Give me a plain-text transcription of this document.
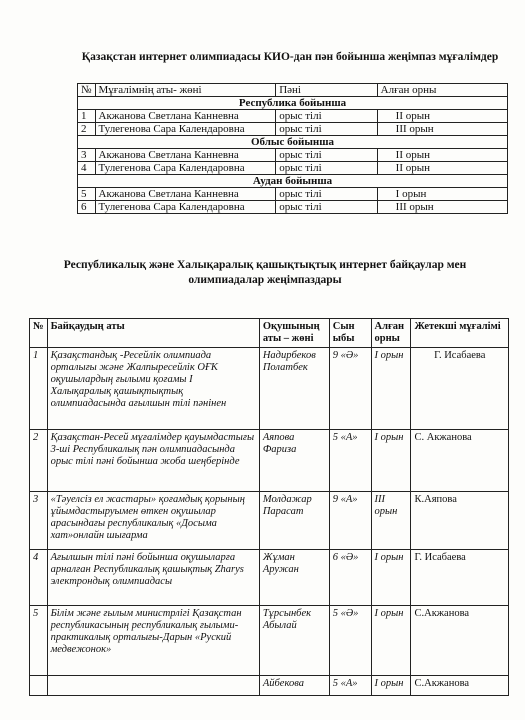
Қазақстан интернет олимпиадасы КИО-дан пән бойынша жеңімпаз мұғалімдер
№	Мұғалімнің аты- жөні	Пәні	Алған орны
Республика бойынша			
1	Акжанова Светлана Канневна	орыс тілі	II орын
2	Тулегенова Сара Календаровна	орыс тілі	III орын
Облыс бойынша			
3	Акжанова Светлана Канневна	орыс тілі	II орын
4	Тулегенова Сара Календаровна	орыс тілі	II орын
Аудан бойынша			
5	Акжанова Светлана Канневна	орыс тілі	I орын
6	Тулегенова Сара Календаровна	орыс тілі	III орын
Республикалық және Халықаралық қашықтықтық интернет байқаулар мен олимпиадалар жеңімпаздары
№	Байқаудың аты	Оқушының аты – жөні	Сын ыбы	Алған орны	Жетекші мұғалімі
1	Қазақстандық -Ресейлік олимпиада орталығы және Жалпыресейлік ОҒК оқушылардың ғылыми қоғамы I Халықаралық қашықтықтық олимпиадасында ағылшын тілі пәнінен	Надирбеков Полатбек	9 «Ә»	I орын	Г. Исабаева
2	Қазақстан-Ресей мұғалімдер қауымдастығы 3-ші Республикалық пән олимпиадасында орыс тілі пәні бойынша жоба шеңберінде	Аяпова Фариза	5 «А»	I орын	С. Акжанова
3	«Тәуелсіз ел жастары» қоғамдық қорының ұйымдастыруымен өткен оқушылар арасындағы республикалық «Досыма хат»онлайн шығарма	Молдажар Парасат	9 «А»	III орын	К.Аяпова
4	Ағылшын тілі пәні бойынша оқушыларға арналған Республикалық қашықтық Zharys электрондық олимпиадасы	Жұман Аружан	6 «Ә»	I орын	Г. Исабаева
5	Білім және ғылым министрлігі Қазақстан республикасының республикалық ғылыми-практикалық орталығы-Дарын «Руский медвежонок»	Тұрсынбек Абылай	5 «Ә»	I орын	С.Акжанова
		Айбекова	5 «А»	I орын	С.Акжанова
